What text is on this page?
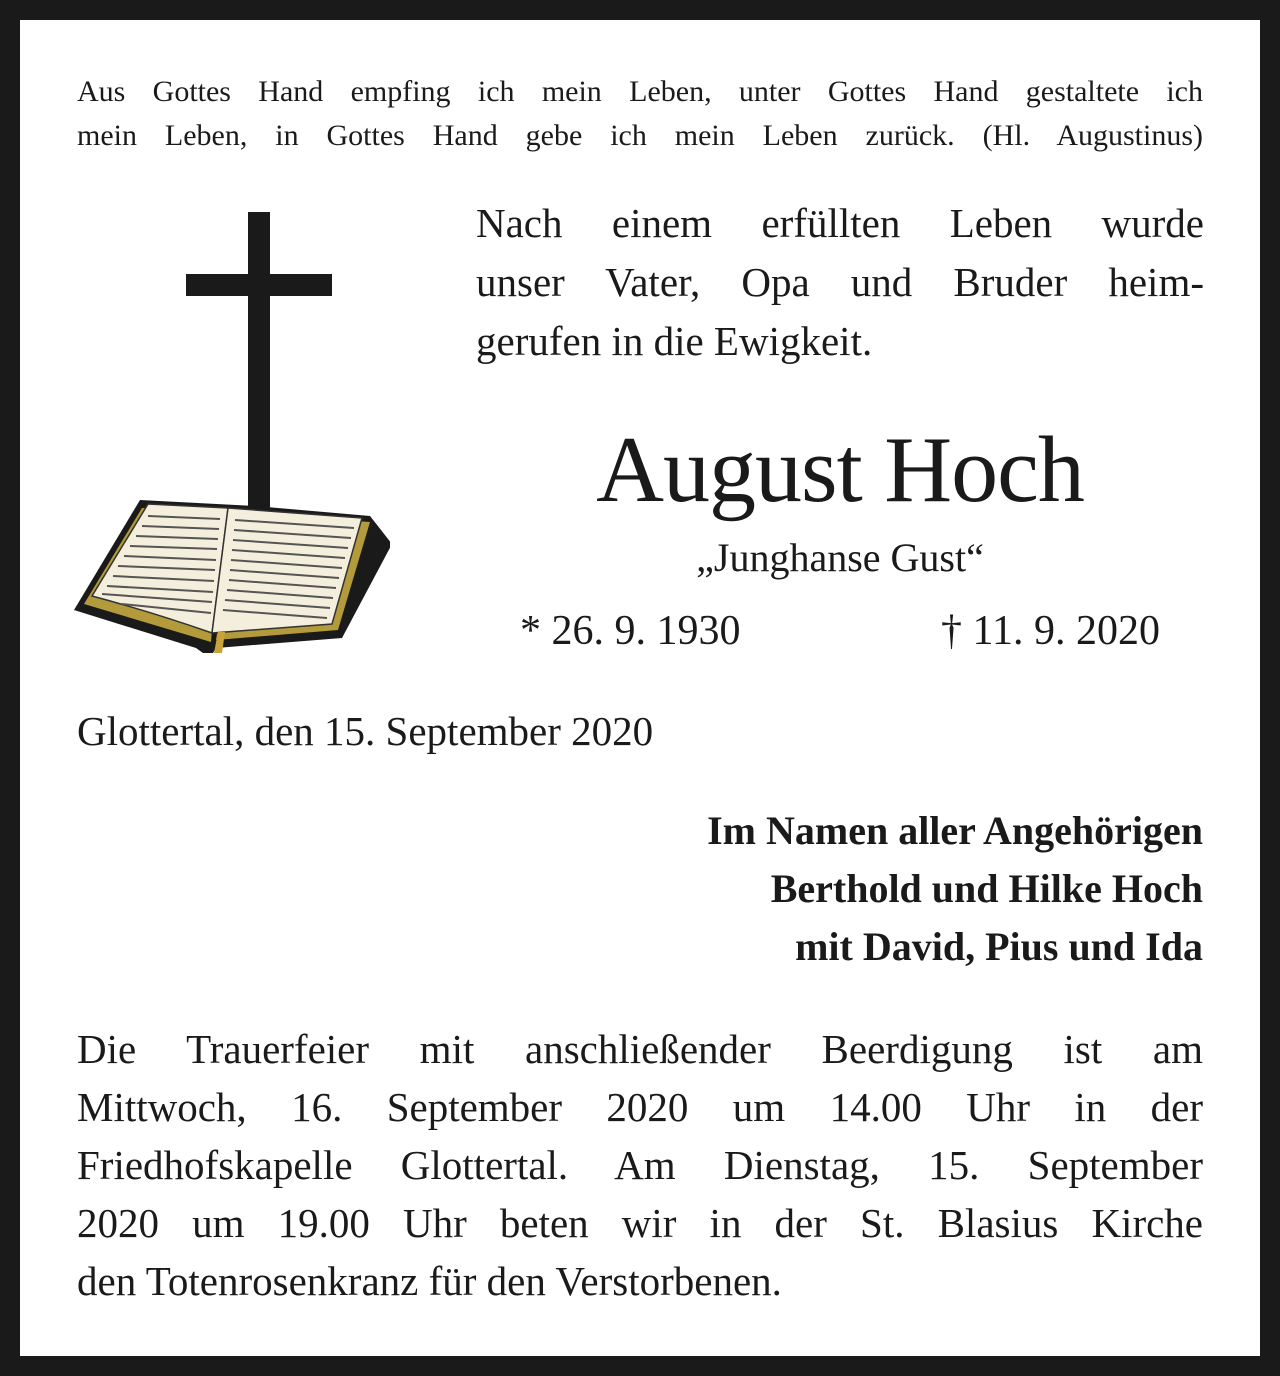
Aus Gottes Hand empfing ich mein Leben, unter Gottes Hand gestaltete ich

mein Leben, in Gottes Hand gebe ich mein Leben zurück. (Hl. Augustinus)

Nach einem erfüllten Leben wurde

unser Vater, Opa und Bruder heim-

gerufen in die Ewigkeit.

August Hoch

„Junghanse Gust“

* 26. 9. 1930	† 11. 9. 2020

Glottertal, den 15. September 2020

Im Namen aller Angehörigen

Berthold und Hilke Hoch

mit David, Pius und Ida

Die Trauerfeier mit anschließender Beerdigung ist am

Mittwoch, 16. September 2020 um 14.00 Uhr in der

Friedhofskapelle Glottertal. Am Dienstag, 15. September

2020 um 19.00 Uhr beten wir in der St. Blasius Kirche

den Totenrosenkranz für den Verstorbenen.
